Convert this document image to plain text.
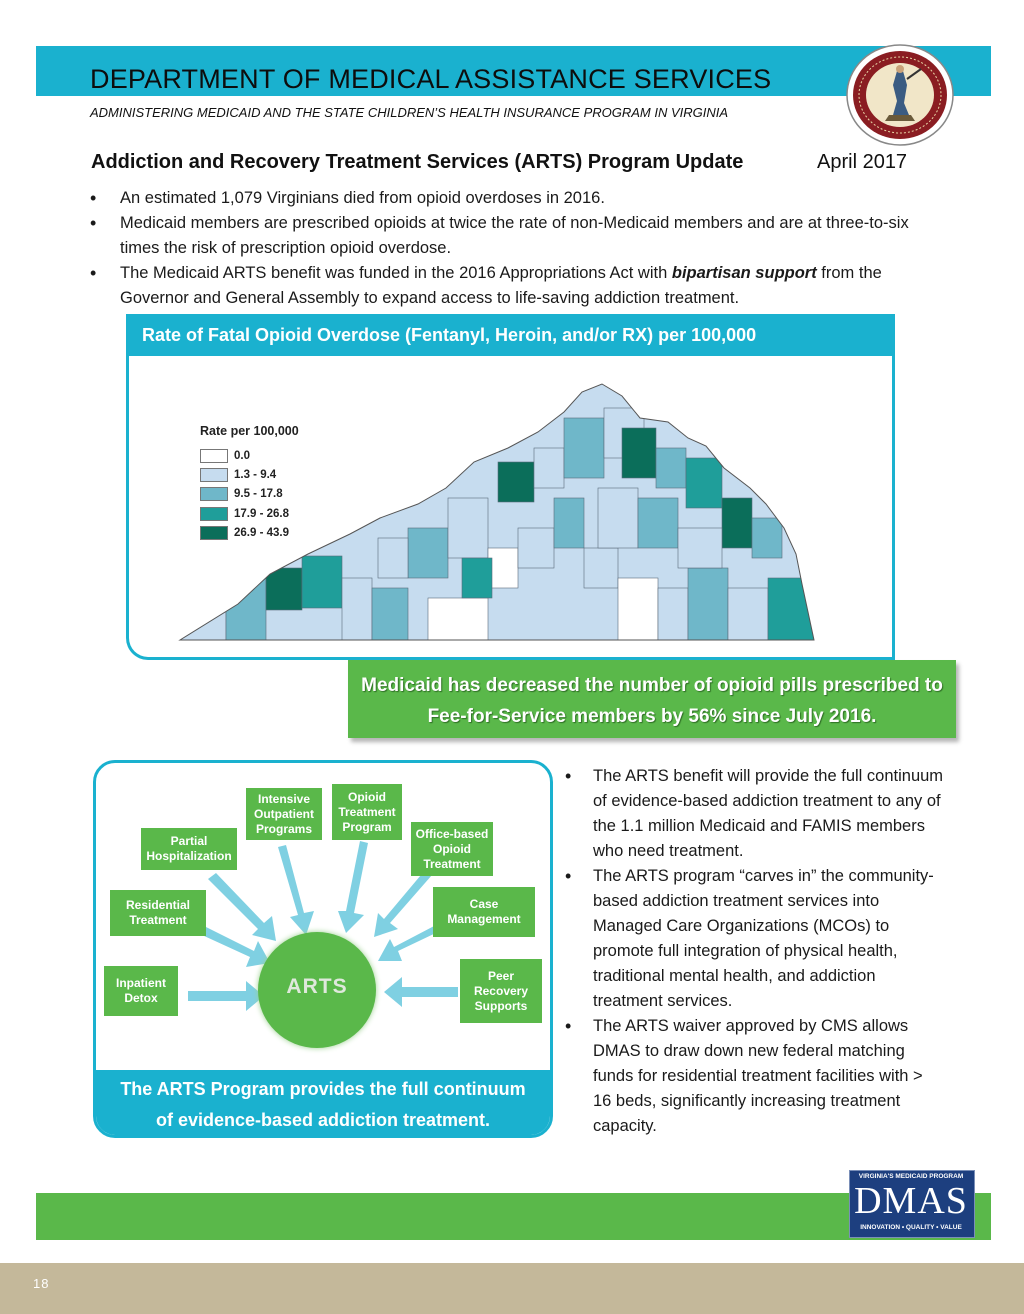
DEPARTMENT OF MEDICAL ASSISTANCE SERVICES
ADMINISTERING MEDICAID AND THE STATE CHILDREN’S HEALTH INSURANCE PROGRAM IN VIRGINIA
Addiction and Recovery Treatment Services (ARTS) Program Update	April 2017
• An estimated 1,079 Virginians died from opioid overdoses in 2016.
• Medicaid members are prescribed opioids at twice the rate of non-Medicaid members and are at three-to-six times the risk of prescription opioid overdose.
• The Medicaid ARTS benefit was funded in the 2016 Appropriations Act with bipartisan support from the Governor and General Assembly to expand access to life-saving addiction treatment.
Rate of Fatal Opioid Overdose (Fentanyl, Heroin, and/or RX) per 100,000
Rate per 100,000
0.0
1.3 - 9.4
9.5 - 17.8
17.9 - 26.8
26.9 - 43.9
Medicaid has decreased the number of opioid pills prescribed to
Fee-for-Service members by 56% since July 2016.
Inpatient Detox
Residential Treatment
Partial Hospitalization
Intensive Outpatient Programs
Opioid Treatment Program	Office-based Opioid Treatment
Case Management
Peer Recovery Supports
ARTS
The ARTS Program provides the full continuum
of evidence-based addiction treatment.
• The ARTS benefit will provide the full continuum of evidence-based addiction treatment to any of the 1.1 million Medicaid and FAMIS members who need treatment.
• The ARTS program “carves in” the community-based addiction treatment services into Managed Care Organizations (MCOs) to promote full integration of physical health, traditional mental health, and addiction treatment services.
• The ARTS waiver approved by CMS allows DMAS to draw down new federal matching funds for residential treatment facilities with > 16 beds, significantly increasing treatment capacity.
VIRGINIA'S MEDICAID PROGRAM
DMAS
INNOVATION • QUALITY • VALUE
18
